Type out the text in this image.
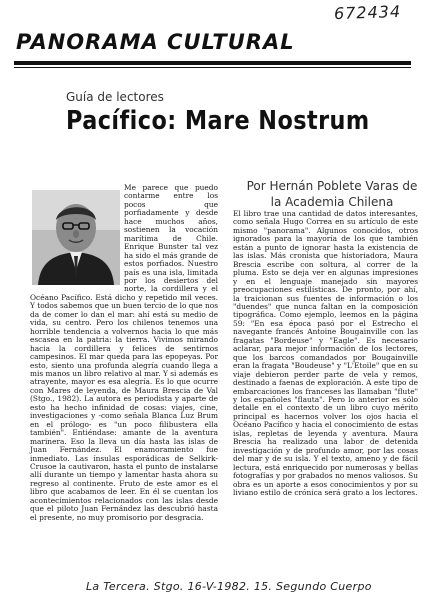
672434
PANORAMA CULTURAL
Guía de lectores
Pacífico: Mare Nostrum

Por Hernán Poblete Varas de la Academia Chilena

Me parece que puedo contarme entre los pocos que porfiadamente y desde hace muchos años, sostienen la vocación marítima de Chile. Enrique Bunster tal vez ha sido el más grande de estos porfiados. Nuestro país es una isla, limitada por los desiertos del norte, la cordillera y el Océano Pacífico. Está dicho y repetido mil veces. Y todos sabemos que un buen tercio de lo que nos da de comer lo dan el mar: ahí está su medio de vida, su centro. Pero los chilenos tenemos una horrible tendencia a volvernos hacia lo que más escasea en la patria: la tierra. Vivimos mirando hacia la cordillera y felices de sentirnos campesinos. El mar queda para las epopeyas. Por esto, siento una profunda alegría cuando llega a mis manos un libro relativo al mar. Y si además es atrayente, mayor es esa alegría. Es lo que ocurre con Mares de leyenda, de Maura Brescia de Val (Stgo., 1982). La autora es periodista y aparte de esto ha hecho infinidad de cosas: viajes, cine, investigaciones y -como señala Blanca Luz Brum en el prólogo- es "un poco filibustera ella también". Entiéndase: amante de la aventura marinera. Eso la lleva un día hasta las islas de Juan Fernández. El enamoramiento fue inmediato. Las ínsulas esporádicas de Selkirk-Crusoe la cautivaron, hasta el punto de instalarse allí durante un tiempo y lamentar hasta ahora su regreso al continente. Fruto de este amor es el libro que acabamos de leer. En él se cuentan los acontecimientos relacionados con las islas desde que el piloto Juan Fernández las descubrió hasta el presente, no muy promisorio por desgracia.

El libro trae una cantidad de datos interesantes, como señala Hugo Correa en su artículo de este mismo "panorama". Algunos conocidos, otros ignorados para la mayoría de los que también están a punto de ignorar hasta la existencia de las islas. Más cronista que historiadora, Maura Brescia escribe con soltura, al correr de la pluma. Esto se deja ver en algunas impresiones y en el lenguaje manejado sin mayores preocupaciones estilísticas. De pronto, por ahí, la traicionan sus fuentes de información o los "duendes" que nunca faltan en la composición tipográfica. Como ejemplo, leemos en la página 59: "En esa época pasó por el Estrecho el navegante francés Antoine Bougainville con las fragatas "Bordeuse" y "Eagle". Es necesario aclarar, para mejor información de los lectores, que los barcos comandados por Bougainville eran la fragata "Boudeuse" y "L'Etoile" que en su viaje debieron perder parte de vela y remos, destinado a faenas de exploración. A este tipo de embarcaciones los franceses las llamaban "flute" y los españoles "flauta". Pero lo anterior es sólo detalle en el contexto de un libro cuyo mérito principal es hacernos volver los ojos hacia el Océano Pacífico y hacia el conocimiento de estas islas, repletas de leyenda y aventura. Maura Brescia ha realizado una labor de detenida investigación y de profundo amor, por las cosas del mar y de su isla. Y el texto, ameno y de fácil lectura, está enriquecido por numerosas y bellas fotografías y por grabados no menos valiosos. Su obra es un aporte a esos conocimientos y por su liviano estilo de crónica será grato a los lectores.

La Tercera. Stgo. 16-V-1982. 15. Segundo Cuerpo
